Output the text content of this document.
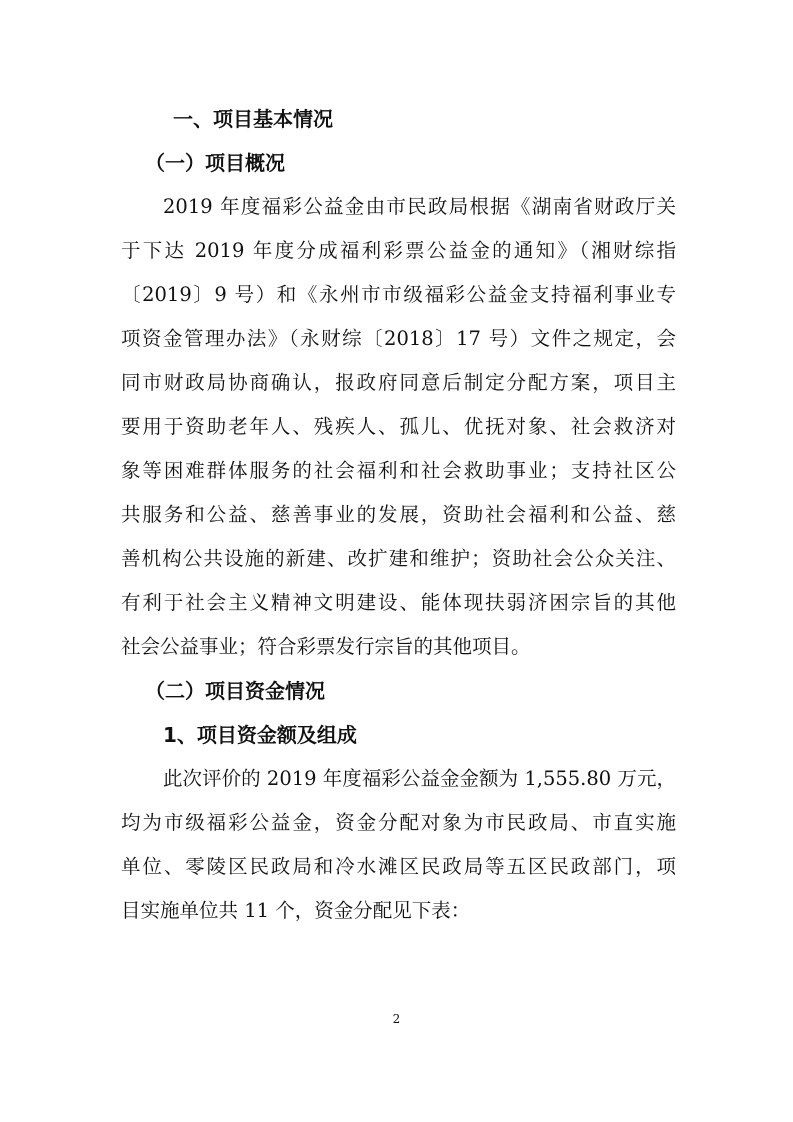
一、项目基本情况
（一）项目概况

2019 年度福彩公益金由市民政局根据《湖南省财政厅关
于下达 2019 年度分成福利彩票公益金的通知》（湘财综指
〔2019〕9 号）和《永州市市级福彩公益金支持福利事业专
项资金管理办法》（永财综〔2018〕17 号）文件之规定，会
同市财政局协商确认，报政府同意后制定分配方案，项目主
要用于资助老年人、残疾人、孤儿、优抚对象、社会救济对
象等困难群体服务的社会福利和社会救助事业；支持社区公
共服务和公益、慈善事业的发展，资助社会福利和公益、慈
善机构公共设施的新建、改扩建和维护；资助社会公众关注、
有利于社会主义精神文明建设、能体现扶弱济困宗旨的其他
社会公益事业；符合彩票发行宗旨的其他项目。

（二）项目资金情况
1、项目资金额及组成

此次评价的 2019 年度福彩公益金金额为 1,555.80 万元，
均为市级福彩公益金，资金分配对象为市民政局、市直实施
单位、零陵区民政局和冷水滩区民政局等五区民政部门，项
目实施单位共 11 个，资金分配见下表：

2
